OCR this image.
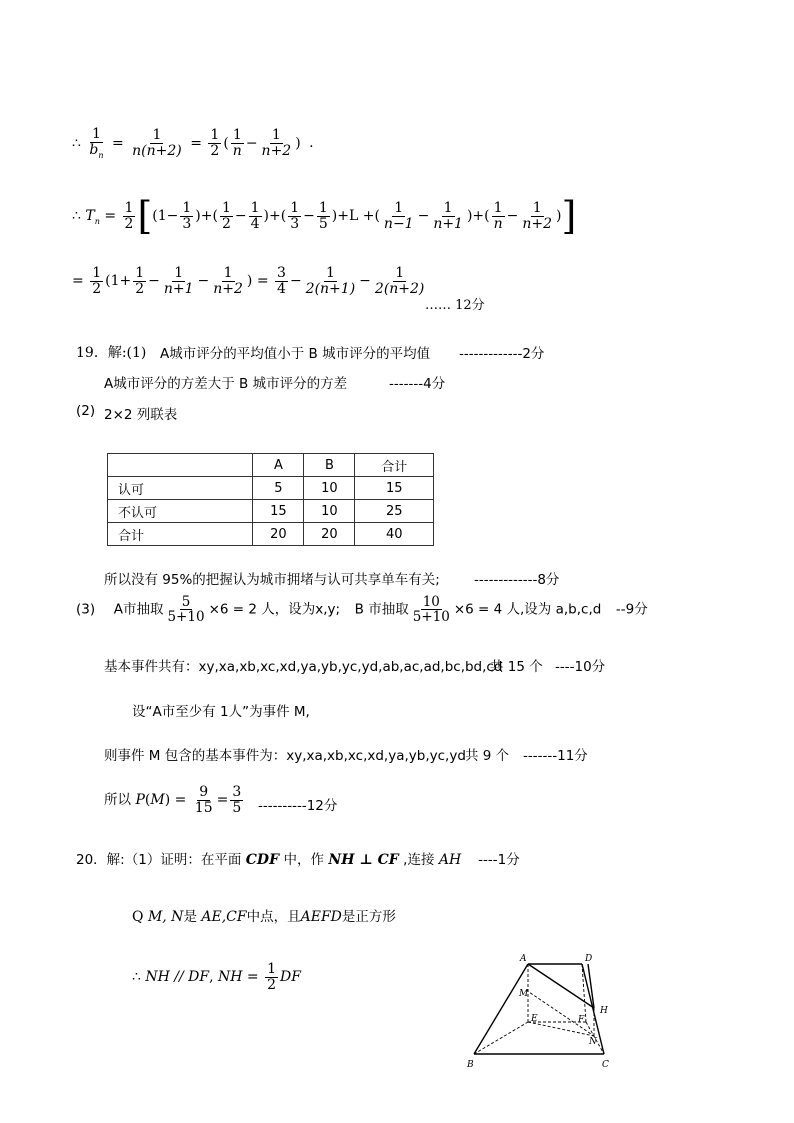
∴ $\frac{1}{b_n} = \frac{1}{n(n+2)} = \frac{1}{2}$ ( $\frac{1}{n} - \frac{1}{n+2}$ ) .
∴ $T_n = \frac{1}{2} [(1- \frac{1}{3}$ )+( $\frac{1}{2} - \frac{1}{4}$ )+( $\frac{1}{3} - \frac{1}{5} )+L$ +( $\frac{1}{n-1} - \frac{1}{n+1}$ )+( $\frac{1}{n} - \frac{1}{n+2}$ )]
= $\frac{1}{2} (1+ \frac{1}{2} - \frac{1}{n+1} - \frac{1}{n+2}$ ) = $\frac{3}{4} - \frac{1}{2(n+1)} - \frac{1}{2(n+2)}$
…… 12分
19．解:(1) A城市评分的平均值小于 B 城市评分的平均值 -------------2分
A城市评分的方差大于 B 城市评分的方差	-------4分
(2) 2×2 列联表
	A	B	合计
认可	5	10	15
不认可	15	10	25
合计	20	20	40
所以没有 95%的把握认为城市拥堵与认可共享单车有关;	-------------8分
(3) A市抽取 $\frac{5}{5+10} \times 6 = 2$ 人，设为x,y; B 市抽取 $\frac{10}{5+10} \times 6 = 4$ 人,设为 a,b,c,d --9分
基本事件共有：xy,xa,xb,xc,xd,ya,yb,yc,yd,ab,ac,ad,bc,bd,cd
共 15 个 ----10分
设“A市至少有 1人”为事件 M,
则事件 M 包含的基本事件为：xy,xa,xb,xc,xd,ya,yb,yc,yd 共 9 个 -------11分
所以 $P(M) = \frac{9}{15} = \frac{3}{5} ----------12$分
20．解:（1）证明：在平面 CDF 中，作 NH ⊥ CF ,连接 AH ----1分
Q M, N是 AE,CF中点，且AEFD是正方形
∴ NH // DF, NH = $\frac{1}{2}$ DF
A	D
M
H
E	F
N
B	C
